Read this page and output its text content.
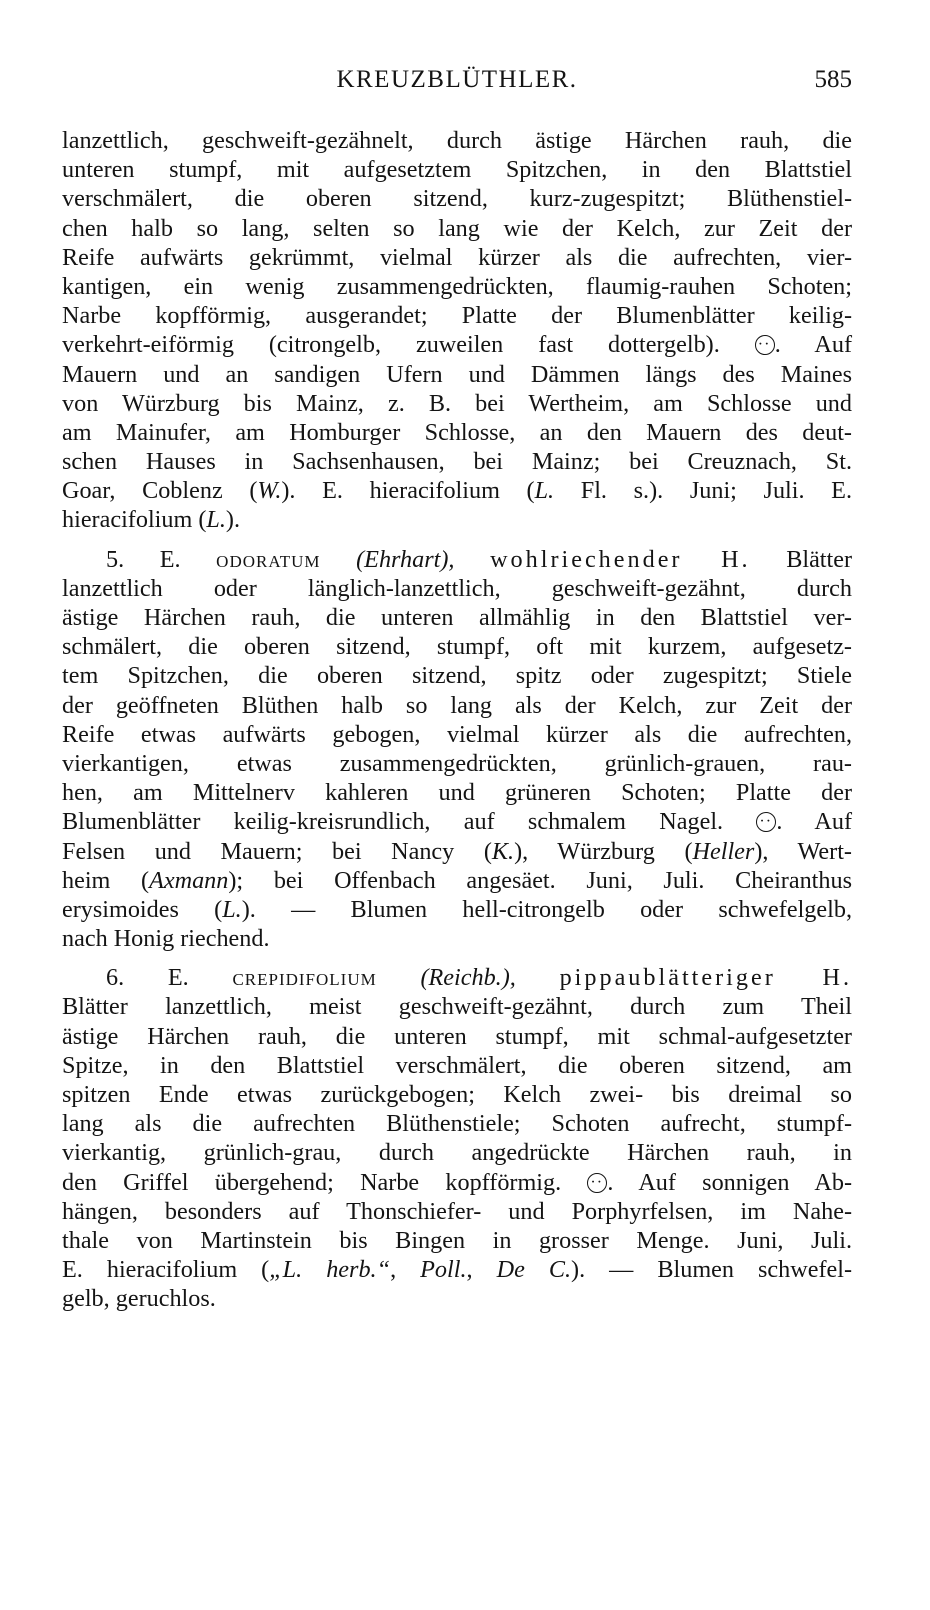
KREUZBLÜTHLER.	585
lanzettlich, geschweift-gezähnelt, durch ästige Härchen rauh, die
unteren stumpf, mit aufgesetztem Spitzchen, in den Blattstiel
verschmälert, die oberen sitzend, kurz-zugespitzt; Blüthenstiel-
chen halb so lang, selten so lang wie der Kelch, zur Zeit der
Reife aufwärts gekrümmt, vielmal kürzer als die aufrechten, vier-
kantigen, ein wenig zusammengedrückten, flaumig-rauhen Schoten;
Narbe kopfförmig, ausgerandet; Platte der Blumenblätter keilig-
verkehrt-eiförmig (citrongelb, zuweilen fast dottergelb). ·· . Auf
Mauern und an sandigen Ufern und Dämmen längs des Maines
von Würzburg bis Mainz, z. B. bei Wertheim, am Schlosse und
am Mainufer, am Homburger Schlosse, an den Mauern des deut-
schen Hauses in Sachsenhausen, bei Mainz; bei Creuznach, St.
Goar, Coblenz (W.). E. hieracifolium (L. Fl. s.). Juni; Juli. E.
hieracifolium (L.).
5. E. odoratum (Ehrhart), wohlriechender H. Blätter
lanzettlich oder länglich-lanzettlich, geschweift-gezähnt, durch
ästige Härchen rauh, die unteren allmählig in den Blattstiel ver-
schmälert, die oberen sitzend, stumpf, oft mit kurzem, aufgesetz-
tem Spitzchen, die oberen sitzend, spitz oder zugespitzt; Stiele
der geöffneten Blüthen halb so lang als der Kelch, zur Zeit der
Reife etwas aufwärts gebogen, vielmal kürzer als die aufrechten,
vierkantigen, etwas zusammengedrückten, grünlich-grauen, rau-
hen, am Mittelnerv kahleren und grüneren Schoten; Platte der
Blumenblätter keilig-kreisrundlich, auf schmalem Nagel. ·· . Auf
Felsen und Mauern; bei Nancy (K.), Würzburg (Heller), Wert-
heim (Axmann); bei Offenbach angesäet. Juni, Juli. Cheiranthus
erysimoides (L.). — Blumen hell-citrongelb oder schwefelgelb,
nach Honig riechend.
6. E. crepidifolium (Reichb.), pippaublätteriger H.
Blätter lanzettlich, meist geschweift-gezähnt, durch zum Theil
ästige Härchen rauh, die unteren stumpf, mit schmal-aufgesetzter
Spitze, in den Blattstiel verschmälert, die oberen sitzend, am
spitzen Ende etwas zurückgebogen; Kelch zwei- bis dreimal so
lang als die aufrechten Blüthenstiele; Schoten aufrecht, stumpf-
vierkantig, grünlich-grau, durch angedrückte Härchen rauh, in
den Griffel übergehend; Narbe kopfförmig. ·· . Auf sonnigen Ab-
hängen, besonders auf Thonschiefer- und Porphyrfelsen, im Nahe-
thale von Martinstein bis Bingen in grosser Menge. Juni, Juli.
E. hieracifolium („L. herb.“, Poll., De C.). — Blumen schwefel-
gelb, geruchlos.
